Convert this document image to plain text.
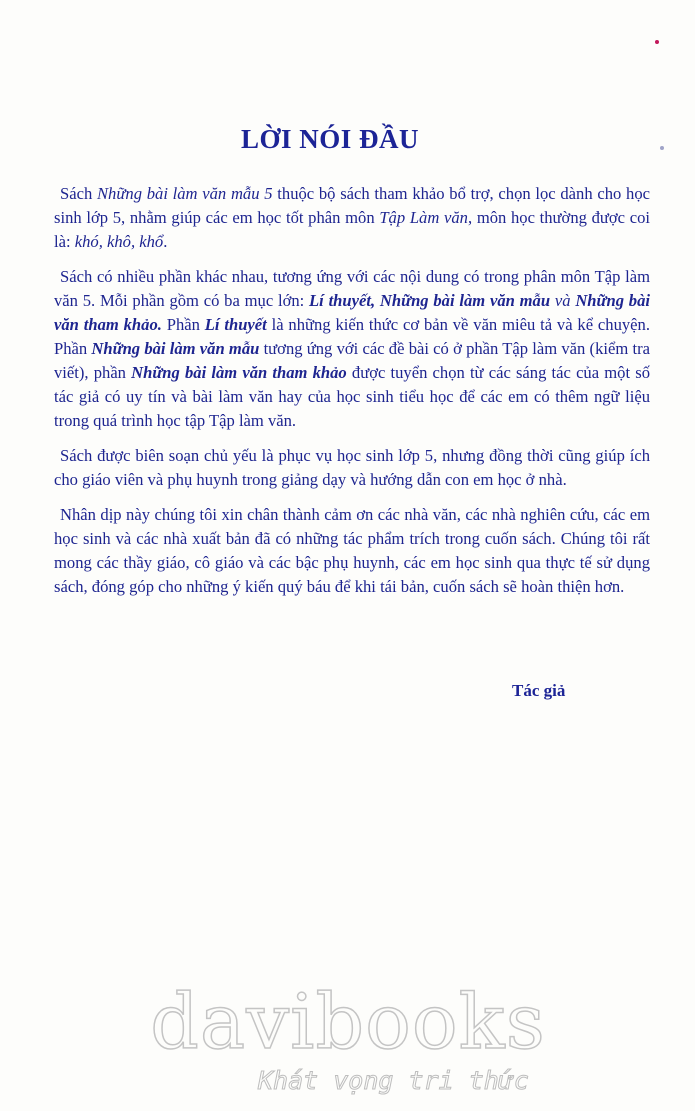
LỜI NÓI ĐẦU

Sách Những bài làm văn mẫu 5 thuộc bộ sách tham khảo bổ trợ, chọn lọc dành cho học sinh lớp 5, nhằm giúp các em học tốt phân môn Tập Làm văn, môn học thường được coi là: khó, khô, khổ.

Sách có nhiều phần khác nhau, tương ứng với các nội dung có trong phân môn Tập làm văn 5. Mỗi phần gồm có ba mục lớn: Lí thuyết, Những bài làm văn mẫu và Những bài văn tham khảo. Phần Lí thuyết là những kiến thức cơ bản về văn miêu tả và kể chuyện. Phần Những bài làm văn mẫu tương ứng với các đề bài có ở phần Tập làm văn (kiểm tra viết), phần Những bài làm văn tham khảo được tuyển chọn từ các sáng tác của một số tác giả có uy tín và bài làm văn hay của học sinh tiểu học để các em có thêm ngữ liệu trong quá trình học tập Tập làm văn.

Sách được biên soạn chủ yếu là phục vụ học sinh lớp 5, nhưng đồng thời cũng giúp ích cho giáo viên và phụ huynh trong giảng dạy và hướng dẫn con em học ở nhà.

Nhân dịp này chúng tôi xin chân thành cảm ơn các nhà văn, các nhà nghiên cứu, các em học sinh và các nhà xuất bản đã có những tác phẩm trích trong cuốn sách. Chúng tôi rất mong các thầy giáo, cô giáo và các bậc phụ huynh, các em học sinh qua thực tế sử dụng sách, đóng góp cho những ý kiến quý báu để khi tái bản, cuốn sách sẽ hoàn thiện hơn.

Tác giả
davibooks
Khát vọng tri thức
